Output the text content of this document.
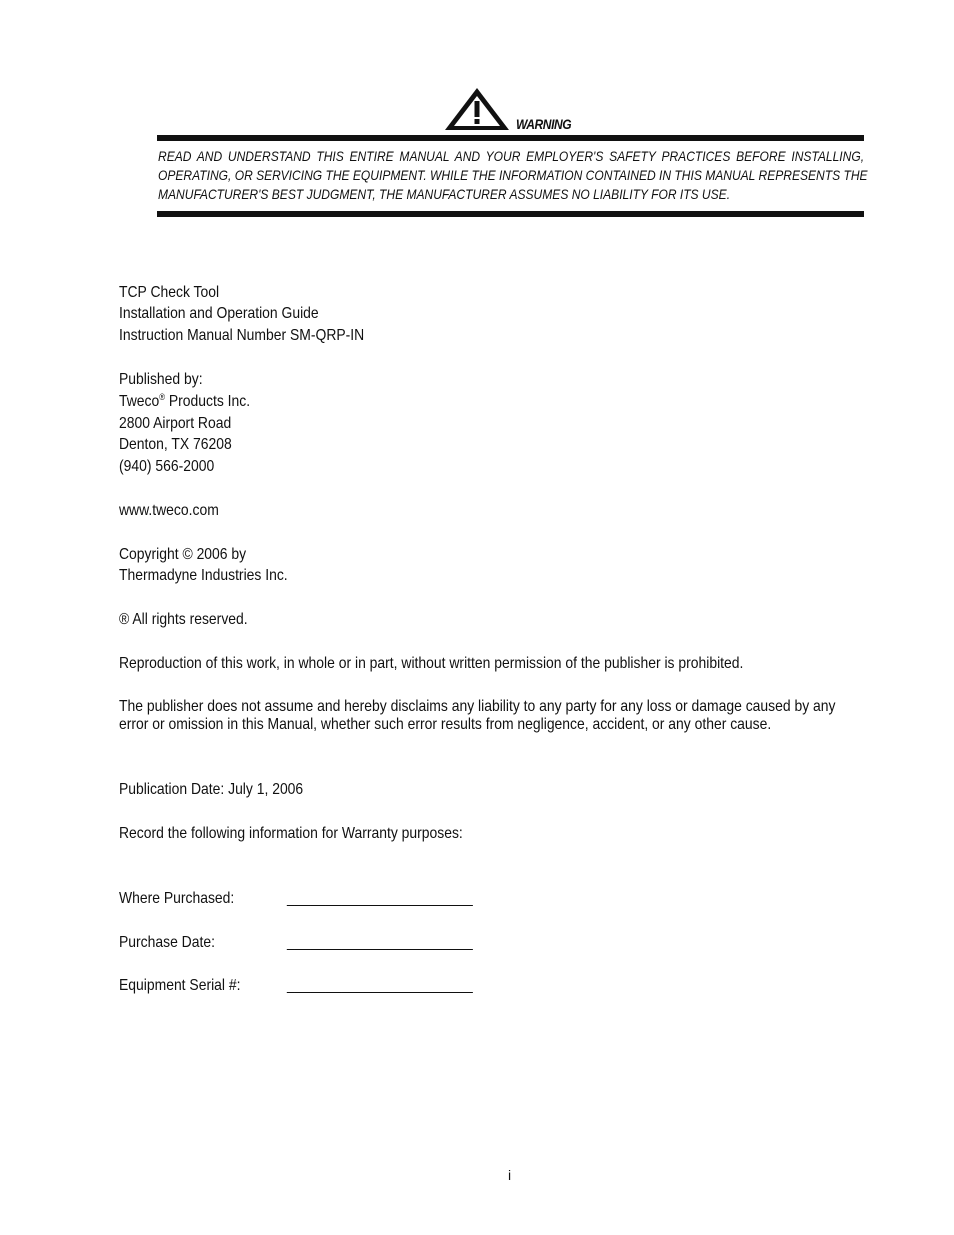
WARNING
READ AND UNDERSTAND THIS ENTIRE MANUAL AND YOUR EMPLOYER'S SAFETY PRACTICES BEFORE INSTALLING,
OPERATING, OR SERVICING THE EQUIPMENT. WHILE THE INFORMATION CONTAINED IN THIS MANUAL REPRESENTS THE
MANUFACTURER'S BEST JUDGMENT, THE MANUFACTURER ASSUMES NO LIABILITY FOR ITS USE.
TCP Check Tool
Installation and Operation Guide
Instruction Manual Number SM-QRP-IN
Published by:
Tweco® Products Inc.
2800 Airport Road
Denton, TX 76208
(940) 566-2000
www.tweco.com
Copyright © 2006 by
Thermadyne Industries Inc.
® All rights reserved.
Reproduction of this work, in whole or in part, without written permission of the publisher is prohibited.
The publisher does not assume and hereby disclaims any liability to any party for any loss or damage caused by any
error or omission in this Manual, whether such error results from negligence, accident, or any other cause.
Publication Date: July 1, 2006
Record the following information for Warranty purposes:
Where Purchased:	________________________
Purchase Date:	________________________
Equipment Serial #:	________________________
i
